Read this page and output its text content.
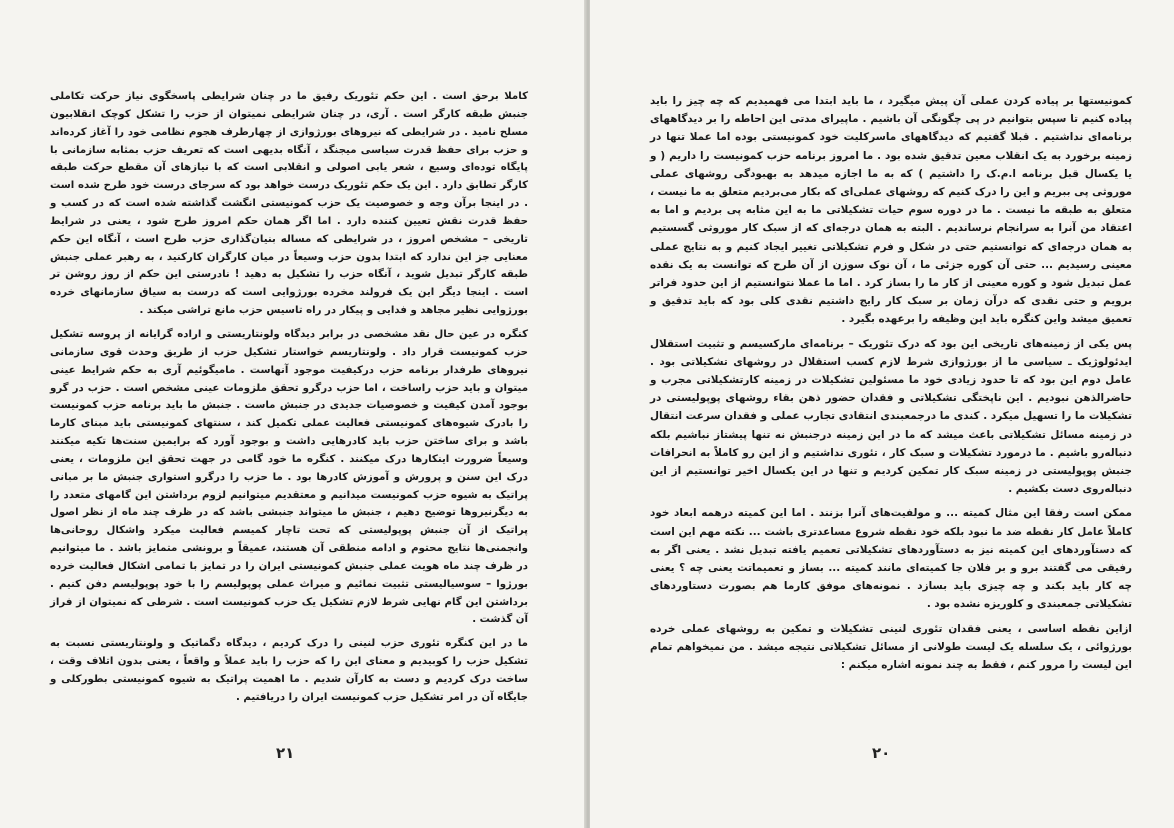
کاملا برحق است . این حکم تئوریک رفیق ما در چنان شرایطی پاسخگوی نیاز حرکت تکاملی جنبش طبقه کارگر است . آری، در چنان شرایطی نمیتوان از حزب را تشکل کوچک انقلابیون مسلح نامید . در شرایطی که نیروهای بورژوازی از چهارطرف هجوم نظامی خود را آغاز کرده‌اند و حزب برای حفظ قدرت سیاسی میجنگد ، آنگاه بدیهی است که تعریف حزب بمثابه سازمانی با پایگاه توده‌ای وسیع ، شعر یابی اصولی و انقلابی است که با نیازهای آن مقطع حرکت طبقه کارگر تطابق دارد . این یک حکم تئوریک درست خواهد بود که سرجای درست خود طرح شده است . در اینجا برآن وجه و خصوصیت یک حزب کمونیستی انگشت گذاشته شده است که در کسب و حفظ قدرت نقش تعیین کننده دارد . اما اگر همان حکم امروز طرح شود ، یعنی در شرایط تاریخی – مشخص امروز ، در شرایطی که مساله بنیان‌گذاری حزب طرح است ، آنگاه این حکم معنایی جز این ندارد که ابتدا بدون حزب وسیعاً در میان کارگران کارکنید ، به رهبر عملی جنبش طبقه کارگر تبدیل شوید ، آنگاه حزب را تشکیل به دهید ! نادرستی این حکم از روز روشن تر است . اینجا دیگر این یک فرولند مخرده بورژوایی است که درست به سیاق سازمانهای خرده بورژوایی نظیر مجاهد و فدایی و پیکار در راه تاسیس حزب مانع تراشی میکند .

کنگره در عین حال نقد مشخصی در برابر دیدگاه ولونتاریستی و اراده گرایانه از پروسه تشکیل حزب کمونیست قرار داد . ولونتاریسم خواستار تشکیل حزب از طریق وحدت قوی سازمانی نیروهای طرفدار برنامه حزب درکیفیت موجود آنهاست . مامیگوئیم آری به حکم شرایط عینی میتوان و باید حزب راساخت ، اما حزب درگرو تحقق ملزومات عینی مشخص است . حزب در گرو بوجود آمدن کیفیت و خصوصیات جدیدی در جنبش ماست . جنبش ما باید برنامه حزب کمونیست را بادرک شیوه‌های کمونیستی فعالیت عملی تکمیل کند ، سنتهای کمونیستی باید مبنای کارما باشد و برای ساختن حزب باید کادرهایی داشت و بوجود آورد که برایمین سنت‌ها تکیه میکنند وسیعاً ضرورت اینکارها درک میکنند . کنگره ما خود گامی در جهت تحقق این ملزومات ، یعنی درک این سنن و پرورش و آموزش کادرها بود . ما حزب را درگرو استواری جنبش ما بر مبانی پراتیک به شیوه حزب کمونیست میدانیم و معتقدیم میتوانیم لزوم برداشتن این گامهای متعدد را به دیگرنیروها توضیح دهیم ، جنبش ما میتواند جنبشی باشد که در ظرف چند ماه از نظر اصول پراتیک از آن جنبش پوپولیستی که تحت تاچار کمیسم فعالیت میکرد واشکال روحانی‌ها وانجمنی‌ها نتایج محتوم و ادامه منطقی آن هستند، عمیقاً و برونشی متمایز باشد . ما میتوانیم در ظرف چند ماه هویت عملی جنبش کمونیستی ایران را در تمایز با تمامی اشکال فعالیت خرده بورژوا – سوسیالیستی تثبیت نمائیم و میراث عملی پوپولیسم را با خود پوپولیسم دفن کنیم . برداشتن این گام نهایی شرط لازم تشکیل یک حزب کمونیست است . شرطی که نمیتوان از فراز آن گذشت .

ما در این کنگره تئوری حزب لنینی را درک کردیم ، دیدگاه دگماتیک و ولونتاریستی نسبت به تشکیل حزب را کوبیدیم و معنای این را که حزب را باید عملاً و واقعاً ، یعنی بدون اتلاف وقت ، ساخت درک کردیم و دست به کارآن شدیم . ما اهمیت پراتیک به شیوه کمونیستی بطورکلی و جایگاه آن در امر تشکیل حزب کمونیست ایران را دریافتیم .

۲۱

کمونیستها بر پیاده کردن عملی آن پیش میگیرد ، ما باید ابتدا می فهمیدیم که چه چیز را باید پیاده کنیم تا سپس بتوانیم در پی چگونگی آن باشیم . ماپیرای مدتی این احاطه را بر دیدگاههای برنامه‌ای نداشتیم . قبلا گفتیم که دیدگاههای ماسرکلیت خود کمونیستی بوده اما عملا تنها در زمینه برخورد به یک انقلاب معین تدقیق شده بود . ما امروز برنامه حزب کمونیست را داریم ( و یا یکسال قبل برنامه ا.م.ک را داشتیم ) که به ما اجازه میدهد به بهبودگی روشهای عملی موروثی پی ببریم و این را درک کنیم که روشهای عملی‌ای که بکار می‌بردیم متعلق به ما نیست ، متعلق به طبقه ما نیست . ما در دوره سوم حیات تشکیلاتی ما به این مثابه پی بردیم و اما به اعتقاد من آنرا به سرانجام نرساندیم . البته به همان درجه‌ای که از سبک کار موروثی گسستیم به همان درجه‌ای که توانستیم حتی در شکل و فرم تشکیلاتی تغییر ایجاد کنیم و به نتایج عملی معینی رسیدیم ... حتی آن کوره جزئی ما ، آن نوک سوزن از آن طرح که توانست به یک نقده عمل تبدیل شود و کوره معینی از کار ما را بساز کرد . اما ما عملا نتوانستیم از این حدود فراتر برویم و حتی نقدی که درآن زمان بر سبک کار رایج داشتیم نقدی کلی بود که باید تدقیق و تعمیق میشد واین کنگره باید این وظیفه را برعهده بگیرد .

پس یکی از زمینه‌های تاریخی این بود که درک تئوریک – برنامه‌ای مارکسیسم و تثبیت استقلال ایدئولوژیک ـ سیاسی ما از بورژوازی شرط لازم کسب استقلال در روشهای تشکیلاتی بود . عامل دوم این بود که تا حدود زیادی خود ما مسئولین تشکیلات در زمینه کارتشکیلاتی مجرب و حاضرالذهن نبودیم . این ناپختگی تشکیلاتی و فقدان حضور ذهن بقاء روشهای پوپولیستی در تشکیلات ما را تسهیل میکرد . کندی ما درجمعبندی انتقادی تجارب عملی و فقدان سرعت انتقال در زمینه مسائل تشکیلاتی باعث میشد که ما در این زمینه درجنبش نه تنها پیشتاز نباشیم بلکه دنباله‌رو باشیم . ما درمورد تشکیلات و سبک کار ، تئوری نداشتیم و از این رو کاملاً به انحرافات جنبش پوپولیستی در زمینه سبک کار تمکین کردیم و تنها در این یکسال اخیر توانستیم از این دنباله‌روی دست بکشیم .

ممکن است رفقا این مثال کمیته ... و مولفیت‌های آنرا بزنند . اما این کمیته درهمه ابعاد خود کاملاً عامل کار نقطه ضد ما نبود بلکه خود نقطه شروع مساعدتری باشت ... نکته مهم این است که دستآوردهای این کمیته نیز به دستآوردهای تشکیلاتی تعمیم یافته تبدیل نشد . یعنی اگر به رفیقی می گفتند برو و بر فلان جا کمیته‌ای مانند کمیته ... بساز و تعمیماتت یعنی چه ؟ یعنی چه کار باید بکند و چه چیزی باید بسازد . نمونه‌های موفق کارما هم بصورت دستاوردهای تشکیلاتی جمعبندی و کلوریزه نشده بود .

ازاین نقطه اساسی ، یعنی فقدان تئوری لنینی تشکیلات و تمکین به روشهای عملی خرده بورژوائی ، یک سلسله یک لیست طولانی از مسائل تشکیلاتی نتیجه میشد . من نمیخواهم تمام این لیست را مرور کنم ، فقط به چند نمونه اشاره میکنم :

۲۰
